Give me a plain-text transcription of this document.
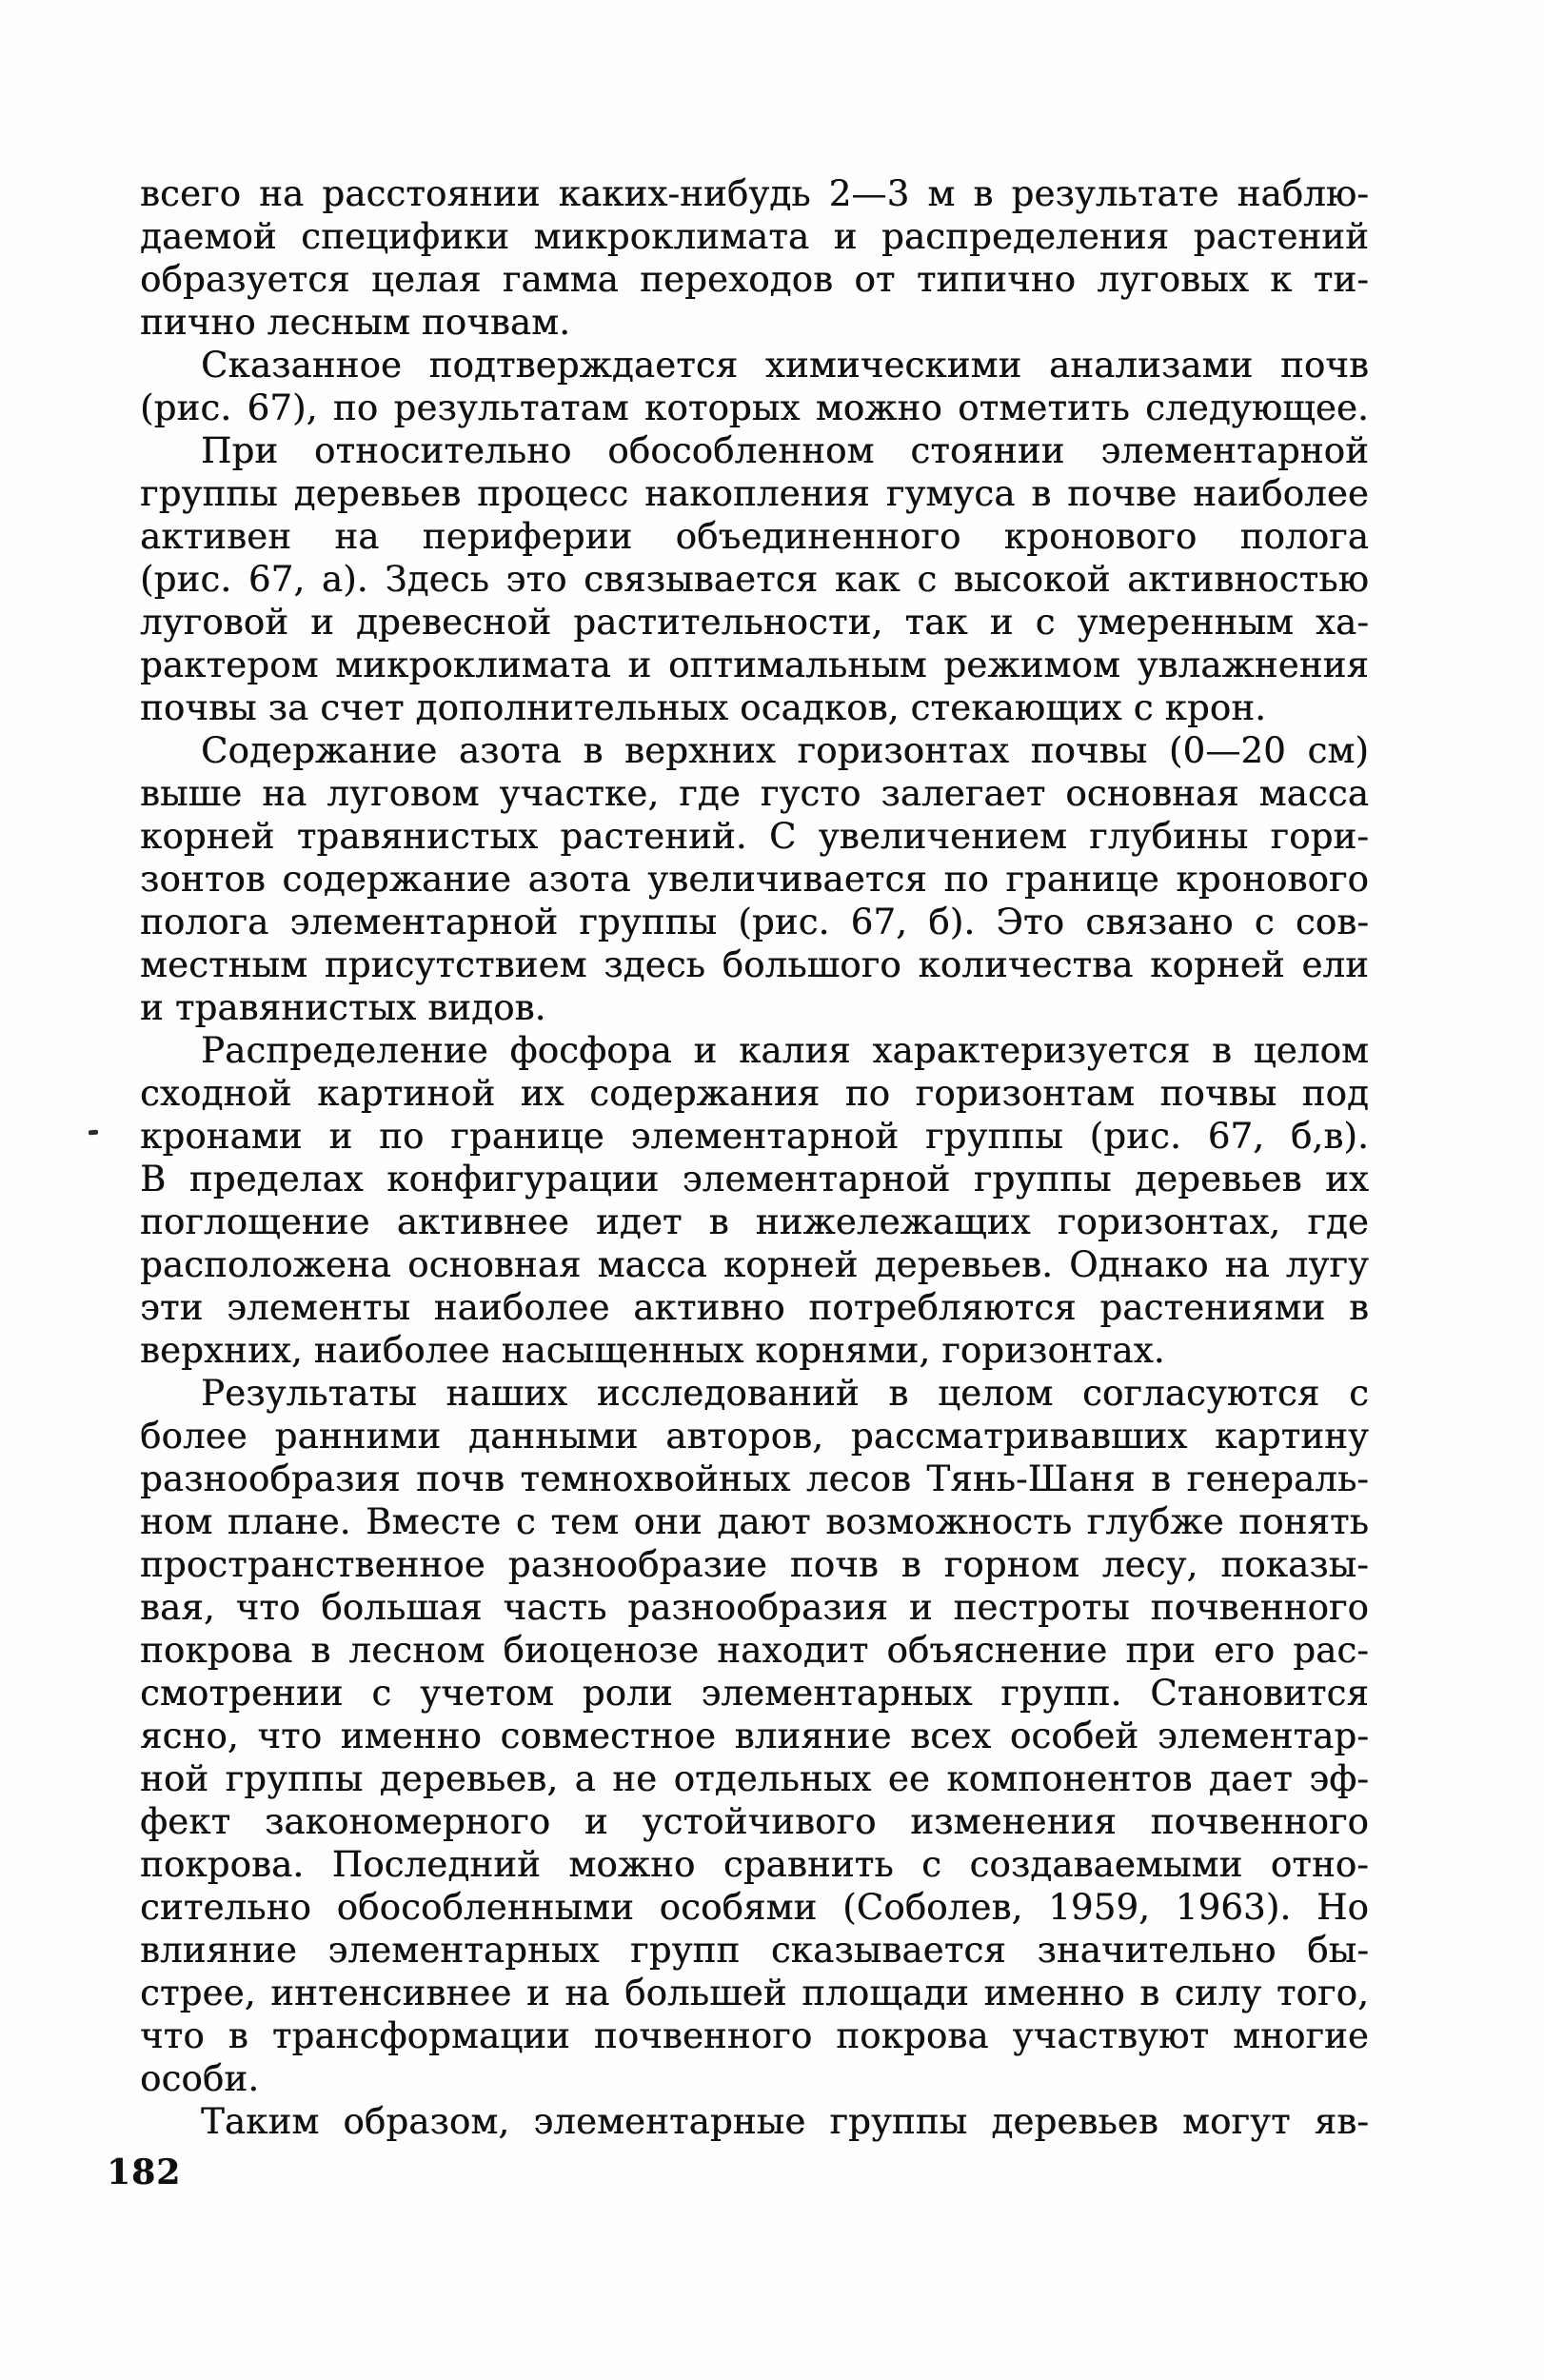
всего на расстоянии каких-нибудь 2—3 м в результате наблю-
даемой специфики микроклимата и распределения растений
образуется целая гамма переходов от типично луговых к ти-
пично лесным почвам.
Сказанное подтверждается химическими анализами почв
(рис. 67), по результатам которых можно отметить следующее.
При относительно обособленном стоянии элементарной
группы деревьев процесс накопления гумуса в почве наиболее
активен на периферии объединенного кронового полога
(рис. 67, а). Здесь это связывается как с высокой активностью
луговой и древесной растительности, так и с умеренным ха-
рактером микроклимата и оптимальным режимом увлажнения
почвы за счет дополнительных осадков, стекающих с крон.
Содержание азота в верхних горизонтах почвы (0—20 см)
выше на луговом участке, где густо залегает основная масса
корней травянистых растений. С увеличением глубины гори-
зонтов содержание азота увеличивается по границе кронового
полога элементарной группы (рис. 67, б). Это связано с сов-
местным присутствием здесь большого количества корней ели
и травянистых видов.
Распределение фосфора и калия характеризуется в целом
сходной картиной их содержания по горизонтам почвы под
кронами и по границе элементарной группы (рис. 67, б,в).
В пределах конфигурации элементарной группы деревьев их
поглощение активнее идет в нижележащих горизонтах, где
расположена основная масса корней деревьев. Однако на лугу
эти элементы наиболее активно потребляются растениями в
верхних, наиболее насыщенных корнями, горизонтах.
Результаты наших исследований в целом согласуются с
более ранними данными авторов, рассматривавших картину
разнообразия почв темнохвойных лесов Тянь-Шаня в генераль-
ном плане. Вместе с тем они дают возможность глубже понять
пространственное разнообразие почв в горном лесу, показы-
вая, что большая часть разнообразия и пестроты почвенного
покрова в лесном биоценозе находит объяснение при его рас-
смотрении с учетом роли элементарных групп. Становится
ясно, что именно совместное влияние всех особей элементар-
ной группы деревьев, а не отдельных ее компонентов дает эф-
фект закономерного и устойчивого изменения почвенного
покрова. Последний можно сравнить с создаваемыми отно-
сительно обособленными особями (Соболев, 1959, 1963). Но
влияние элементарных групп сказывается значительно бы-
стрее, интенсивнее и на большей площади именно в силу того,
что в трансформации почвенного покрова участвуют многие
особи.
Таким образом, элементарные группы деревьев могут яв-
182
